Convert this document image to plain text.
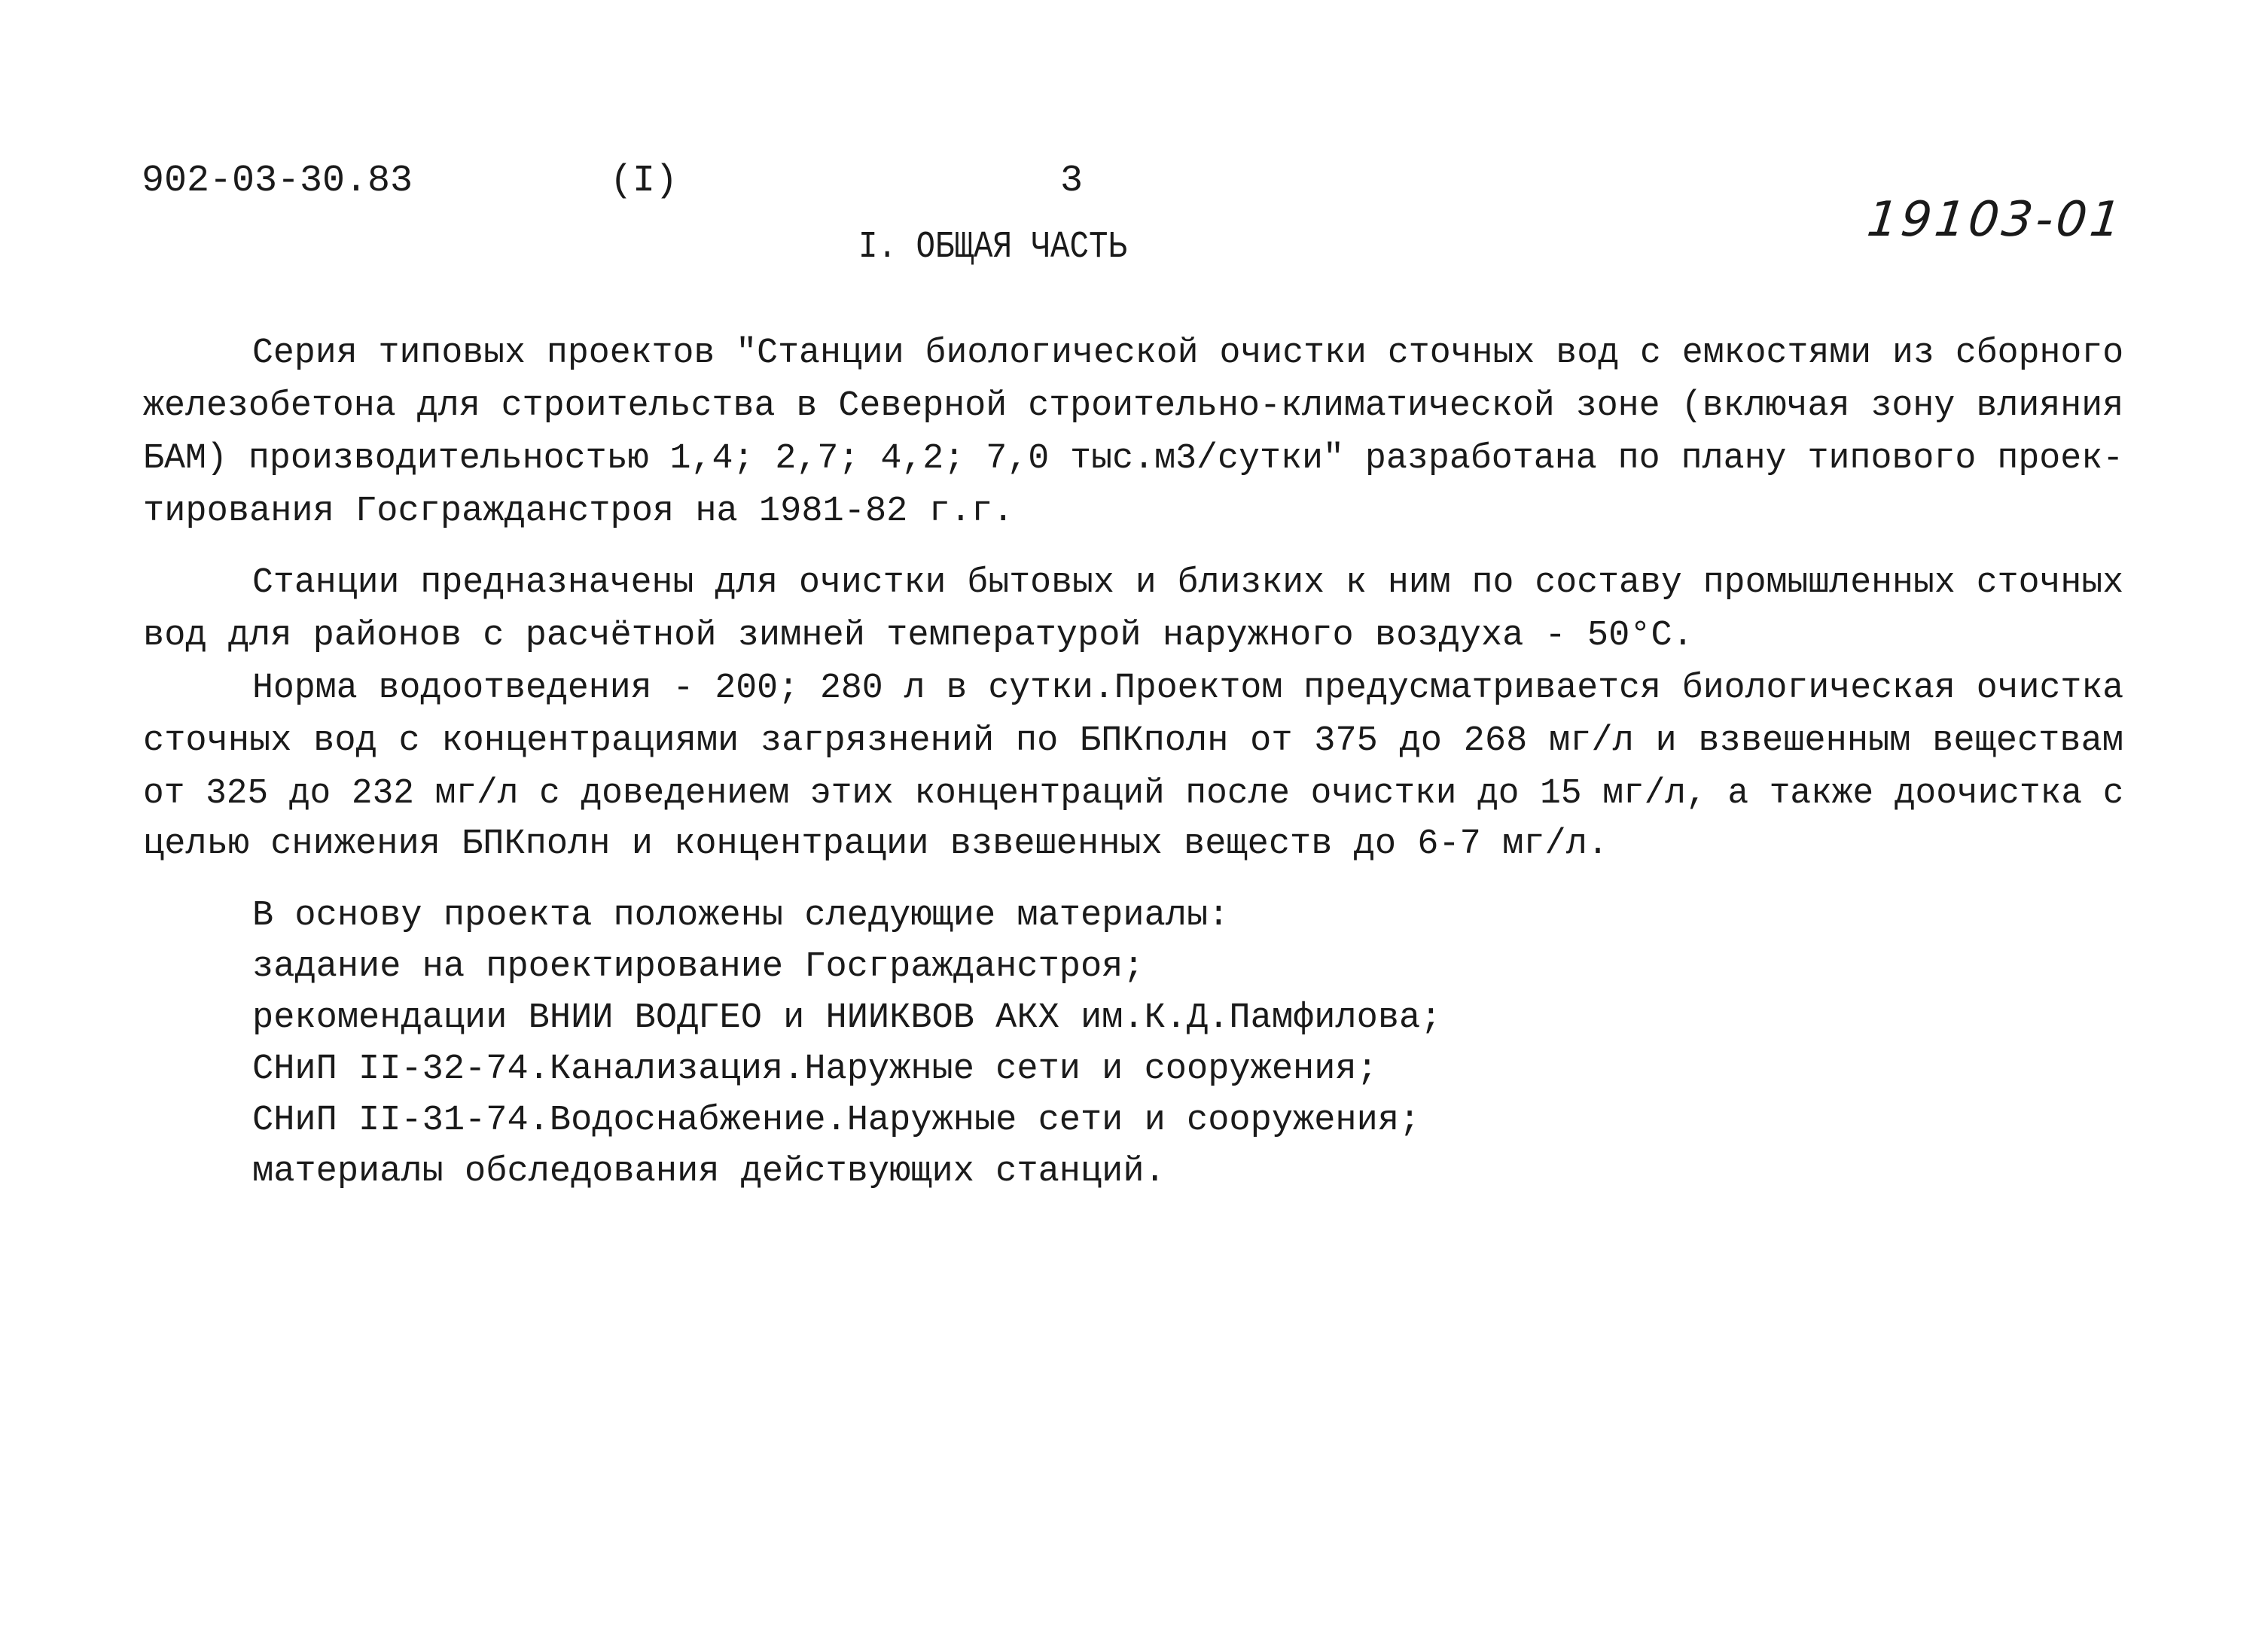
902-03-30.83	(I)	3
19103-01
I. ОБЩАЯ ЧАСТЬ
Серия типовых проектов "Станции биологической очистки сточных вод с емкостями из сборного
железобетона для строительства в Северной строительно-климатической зоне (включая зону влияния
БАМ) производительностью 1,4; 2,7; 4,2; 7,0 тыс.м3/сутки" разработана по плану типового проек-
тирования Госгражданстроя на 1981-82 г.г.
Станции предназначены для очистки бытовых и близких к ним по составу промышленных сточных
вод для районов с расчётной зимней температурой наружного воздуха - 50°С.
Норма водоотведения - 200; 280 л в сутки.Проектом предусматривается биологическая очистка
сточных вод с концентрациями загрязнений по БПКполн от 375 до 268 мг/л и взвешенным веществам
от 325 до 232 мг/л с доведением этих концентраций после очистки до 15 мг/л, а также доочистка с
целью снижения БПКполн и концентрации взвешенных веществ до 6-7 мг/л.
В основу проекта положены следующие материалы:
задание на проектирование Госгражданстроя;
рекомендации ВНИИ ВОДГЕО и НИИКВОВ АКХ им.К.Д.Памфилова;
СНиП II-32-74.Канализация.Наружные сети и сооружения;
СНиП II-31-74.Водоснабжение.Наружные сети и сооружения;
материалы обследования действующих станций.
